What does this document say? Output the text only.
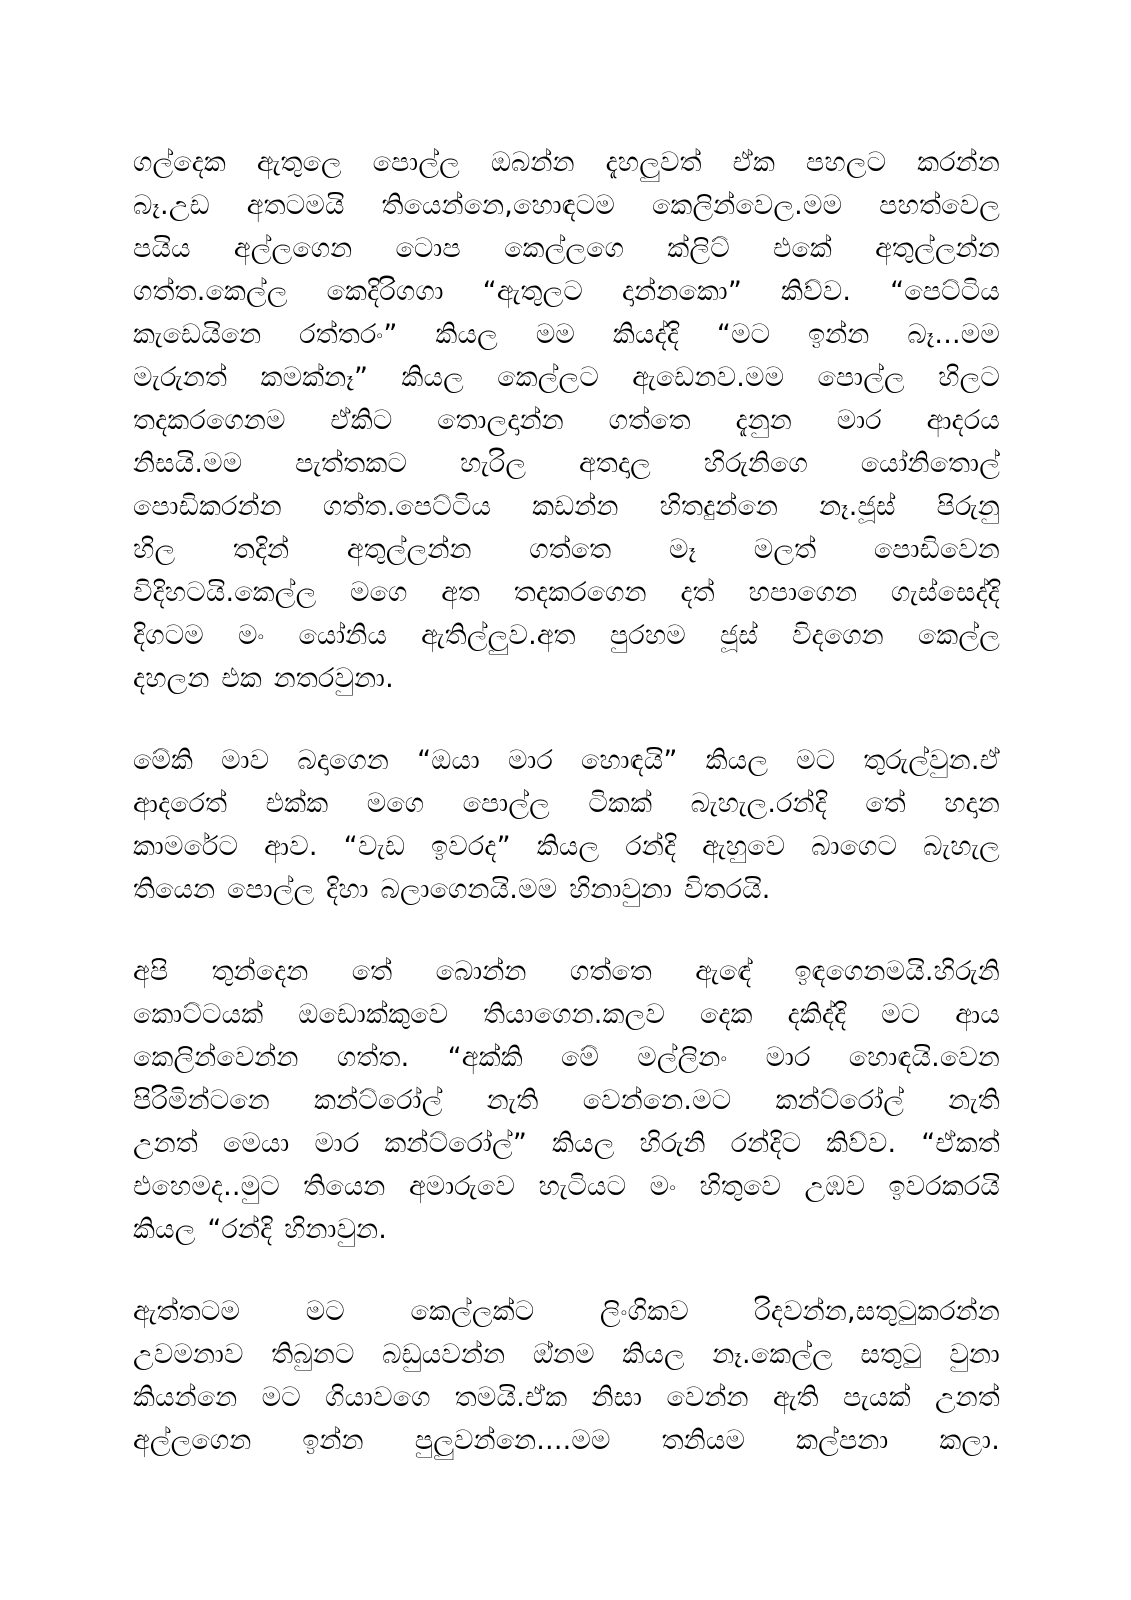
ගල්දෙක ඇතුලෙ පොල්ල ඔබන්න දැහලුවත් ඒක පහලට කරන්න
බෑ.උඩ අතටමයි තියෙන්නෙ,හොඳටම කෙලින්වෙල.මම පහත්වෙල
පයිය අල්ලගෙන ටොප කෙල්ලගෙ ක්ලිට් එකේ අතුල්ලන්න
ගත්ත.කෙල්ල කෙදිරිගගා “ඇතුලට දාන්නකො” කිව්ව. “පෙට්ටිය
කැඩෙයිනෙ රත්තරං” කියල මම කියද්දි “මට ඉන්න බෑ...මම
මැරුනත් කමක්නෑ” කියල කෙල්ලට ඇඩෙනව.මම පොල්ල හිලට
තදකරගෙනම ඒකිට තොලදාන්න ගත්තෙ දැනුන මාර ආදරය
නිසයි.මම පැත්තකට හැරිල අතදාල හිරුනිගෙ යෝනිතොල්
පොඩිකරන්න ගත්ත.පෙට්ටිය කඩන්න හිතදුන්නෙ නෑ.ජූස් පිරුනු
හිල තදින් අතුල්ලන්න ගත්තෙ මෑ මලත් පොඩිවෙන
විදිහටයි.කෙල්ල මගෙ අත තදකරගෙන දත් හපාගෙන ගැස්සෙද්දි
දිගටම මං යෝනිය ඇතිල්ලුව.අත පුරහම ජූස් විදගෙන කෙල්ල
දහලන එක නතරවුනා.
මේකි මාව බදාගෙන “ඔයා මාර හොඳයි” කියල මට තුරුල්වුන.ඒ
ආදරෙත් එක්ක මගෙ පොල්ල ටිකක් බැහැල.රන්දි තේ හදාන
කාමරේට ආව. “වැඩ ඉවරද” කියල රන්දි ඇහුවෙ බාගෙට බැහැල
තියෙන පොල්ල දිහා බලාගෙනයි.මම හිනාවුනා විතරයි.
අපි තුන්දෙන තේ බොන්න ගත්තෙ ඇඳේ ඉඳගෙනමයි.හිරුනි
කොට්ටයක් ඔඩොක්කුවෙ තියාගෙන.කලව දෙක දකිද්දි මට ආය
කෙලින්වෙන්න ගත්ත. “අක්කි මේ මල්ලිනං මාර හොඳයි.වෙන
පිරිමින්ටනෙ කන්ට්රෝල් නැති වෙන්නෙ.මට කන්ට්රෝල් නැති
උනත් මෙයා මාර කන්ට්රෝල්” කියල හිරුනි රන්දිට කිව්ව. “ඒකත්
එහෙමද..මුට තියෙන අමාරුවෙ හැටියට මං හිතුවෙ උඹව ඉවරකරයි
කියල “රන්දි හිනාවුන.
ඇත්තටම මට කෙල්ලක්ට ලිංගිකව රිදවන්න,සතුටුකරන්න
උවමනාව තිබුනට බඩුයවන්න ඔ්නම කියල නෑ.කෙල්ල සතුටු වුනා
කියන්නෙ මට ගියාවගෙ තමයි.ඒක නිසා වෙන්න ඇති පැයක් උනත්
අල්ලගෙන ඉන්න පුලුවන්නෙ....මම තනියම කල්පනා කලා.
